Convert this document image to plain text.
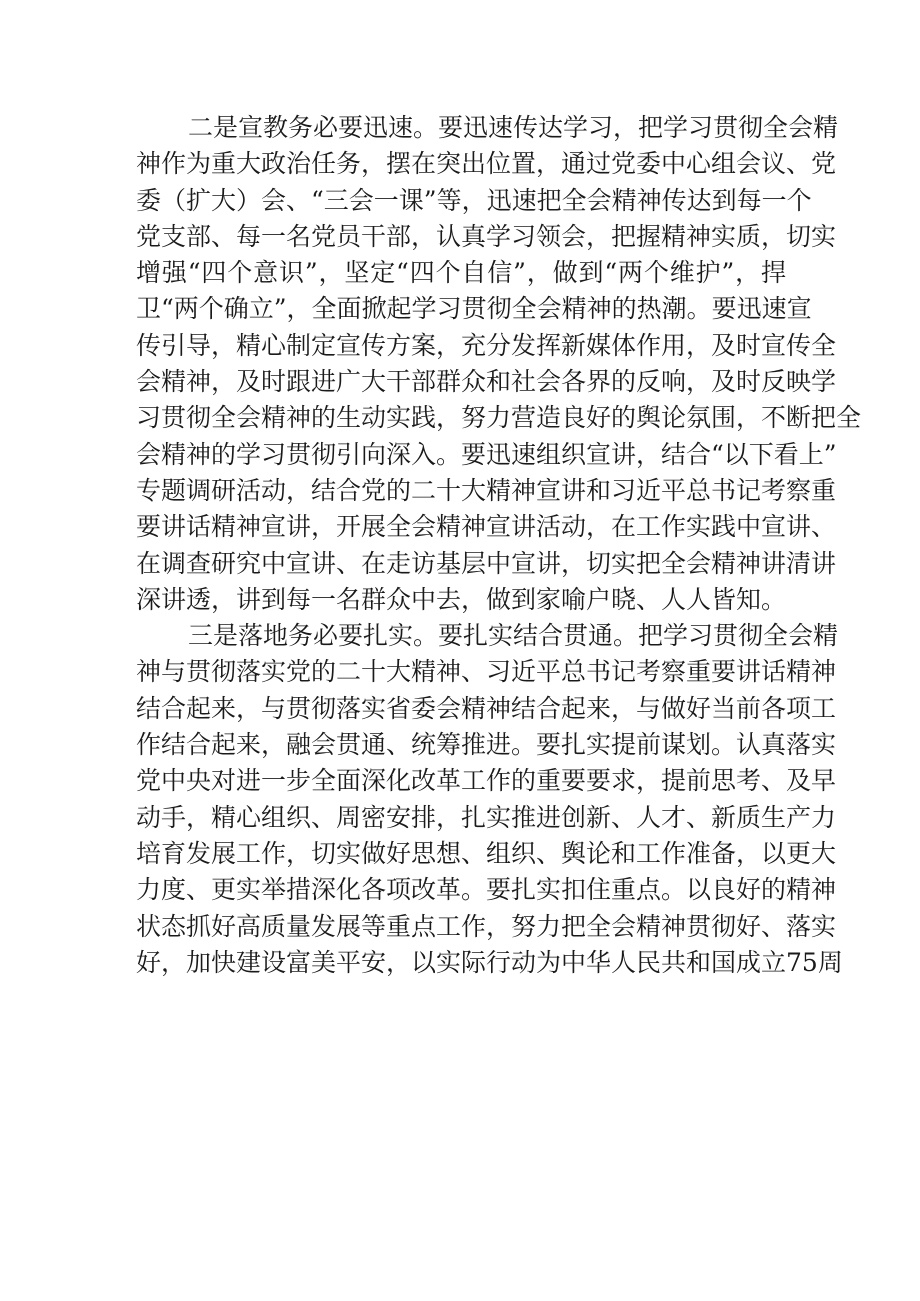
二是宣教务必要迅速。要迅速传达学习，把学习贯彻全会精
神作为重大政治任务，摆在突出位置，通过党委中心组会议、党
委（扩大）会、“三会一课”等，迅速把全会精神传达到每一个
党支部、每一名党员干部，认真学习领会，把握精神实质，切实
增强“四个意识”，坚定“四个自信”，做到“两个维护”，捍
卫“两个确立”，全面掀起学习贯彻全会精神的热潮。要迅速宣
传引导，精心制定宣传方案，充分发挥新媒体作用，及时宣传全
会精神，及时跟进广大干部群众和社会各界的反响，及时反映学
习贯彻全会精神的生动实践，努力营造良好的舆论氛围，不断把全
会精神的学习贯彻引向深入。要迅速组织宣讲，结合“以下看上”
专题调研活动，结合党的二十大精神宣讲和习近平总书记考察重
要讲话精神宣讲，开展全会精神宣讲活动，在工作实践中宣讲、
在调查研究中宣讲、在走访基层中宣讲，切实把全会精神讲清讲
深讲透，讲到每一名群众中去，做到家喻户晓、人人皆知。
三是落地务必要扎实。要扎实结合贯通。把学习贯彻全会精
神与贯彻落实党的二十大精神、习近平总书记考察重要讲话精神
结合起来，与贯彻落实省委会精神结合起来，与做好当前各项工
作结合起来，融会贯通、统筹推进。要扎实提前谋划。认真落实
党中央对进一步全面深化改革工作的重要要求，提前思考、及早
动手，精心组织、周密安排，扎实推进创新、人才、新质生产力
培育发展工作，切实做好思想、组织、舆论和工作准备，以更大
力度、更实举措深化各项改革。要扎实扣住重点。以良好的精神
状态抓好高质量发展等重点工作，努力把全会精神贯彻好、落实
好，加快建设富美平安，以实际行动为中华人民共和国成立75周
